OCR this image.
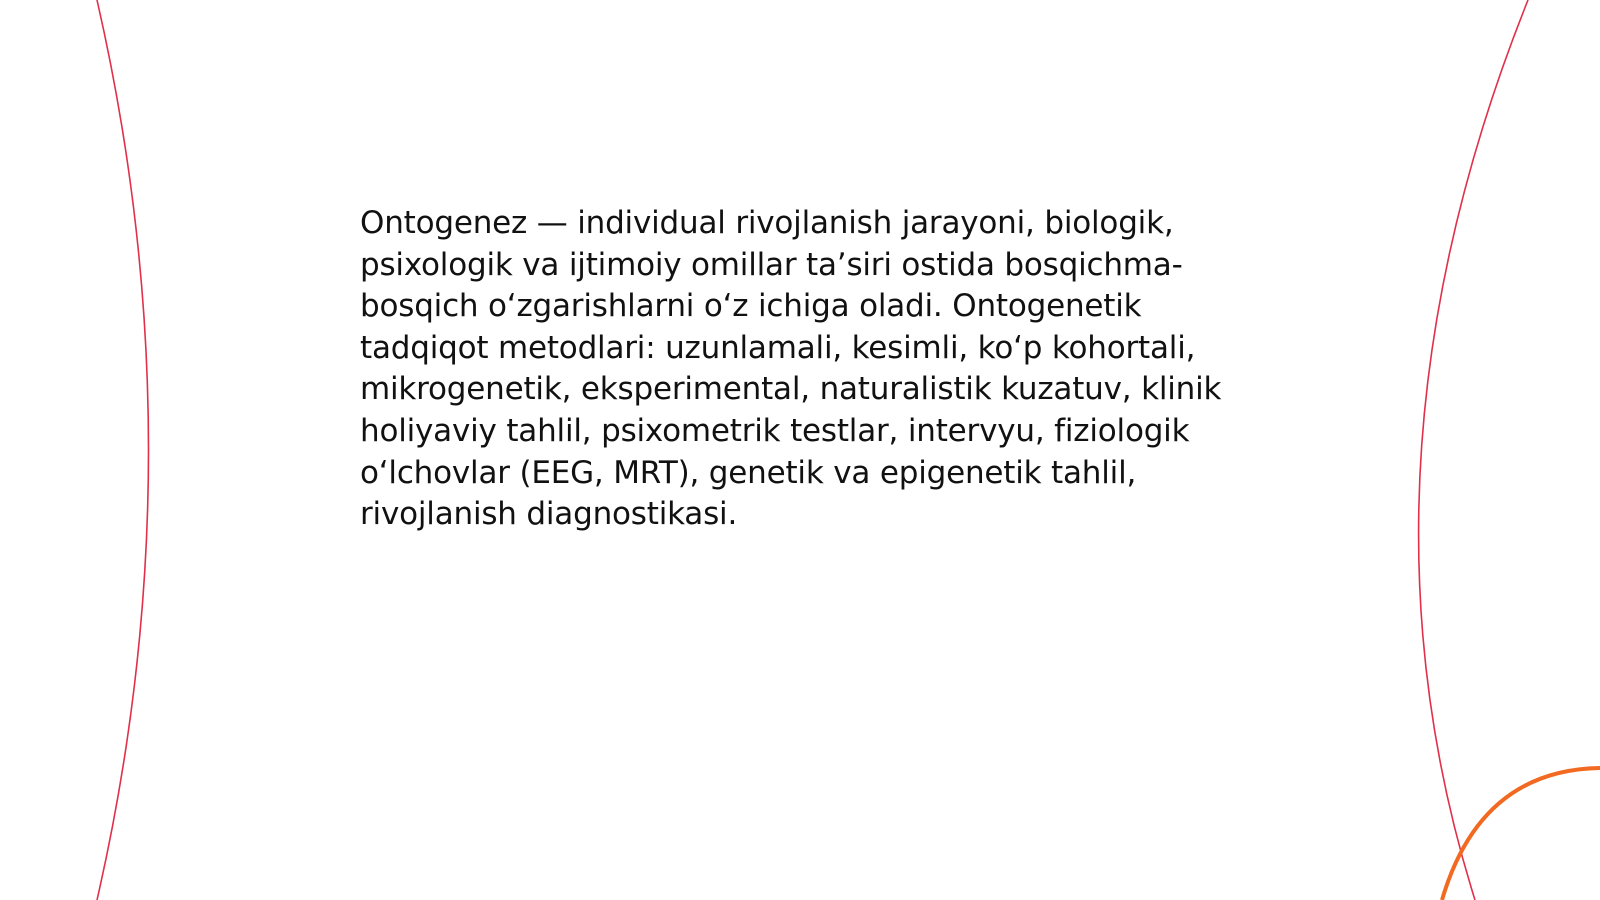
Ontogenez — individual rivojlanish jarayoni, biologik, psixologik va ijtimoiy omillar taʼsiri ostida bosqichma-bosqich oʻzgarishlarni oʻz ichiga oladi. Ontogenetik tadqiqot metodlari: uzunlamali, kesimli, koʻp kohortali, mikrogenetik, eksperimental, naturalistik kuzatuv, klinik holiyaviy tahlil, psixometrik testlar, intervyu, fiziologik oʻlchovlar (EEG, MRT), genetik va epigenetik tahlil, rivojlanish diagnostikasi.
